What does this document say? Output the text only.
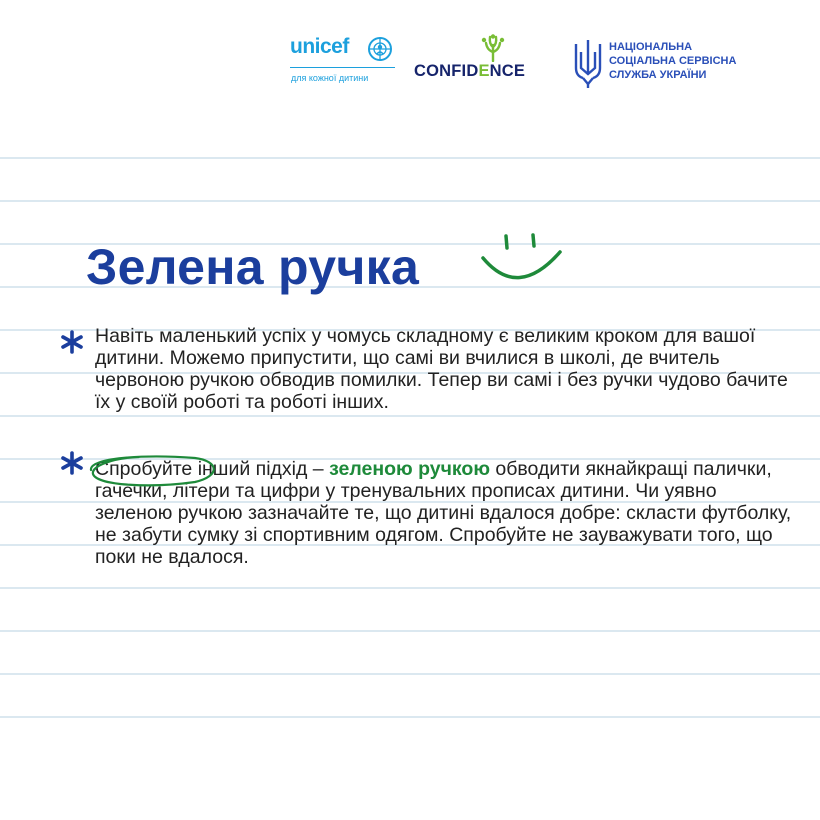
unicef
для кожної дитини	CONFIDENCE
НАЦІОНАЛЬНА
СОЦІАЛЬНА СЕРВІСНА
СЛУЖБА УКРАЇНИ
Зелена ручка
Навіть маленький успіх у чомусь складному є великим кроком для вашої дитини. Можемо припустити, що самі ви вчилися в школі, де вчитель червоною ручкою обводив помилки. Тепер ви самі і без ручки чудово бачите їх у своїй роботі та роботі інших.
Спробуйте інший підхід – зеленою ручкою обводити якнайкращі палички, гачечки, літери та цифри у тренувальних прописах дитини. Чи уявно зеленою ручкою зазначайте те, що дитині вдалося добре: скласти футболку, не забути сумку зі спортивним одягом. Спробуйте не зауважувати того, що поки не вдалося.
